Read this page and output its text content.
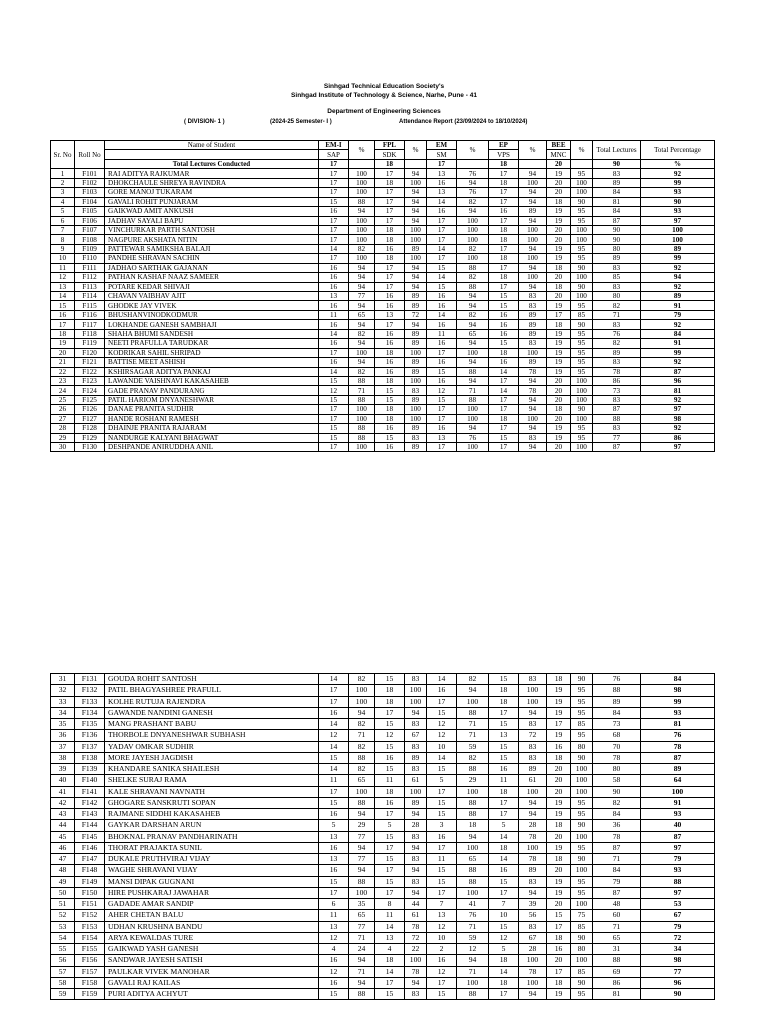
Sinhgad Technical Education Society's
Sinhgad Institute of Technology & Science, Narhe, Pune - 41
Department of Engineering Sciences
( DIVISION- 1 )	(2024-25 Semester- I )	Attendance Report (23/09/2024 to 18/10/2024)
Sr. No	Roll No	Name of Student	EM-I	%	FPL	%	EM	%	EP	%	BEE	%	Total Lectures	Total Percentage
			SAP		SDK		SM		VPS		MNC			
		Total Lectures Conducted	17		18		17		18		20		90	%
1	F101	RAI ADITYA RAJKUMAR	17	100	17	94	13	76	17	94	19	95	83	92
2	F102	DHOKCHAULE SHREYA RAVINDRA	17	100	18	100	16	94	18	100	20	100	89	99
3	F103	GORE MANOJ TUKARAM	17	100	17	94	13	76	17	94	20	100	84	93
4	F104	GAVALI ROHIT PUNJARAM	15	88	17	94	14	82	17	94	18	90	81	90
5	F105	GAIKWAD AMIT ANKUSH	16	94	17	94	16	94	16	89	19	95	84	93
6	F106	JADHAV SAYALI BAPU	17	100	17	94	17	100	17	94	19	95	87	97
7	F107	VINCHURKAR PARTH SANTOSH	17	100	18	100	17	100	18	100	20	100	90	100
8	F108	NAGPURE AKSHATA NITIN	17	100	18	100	17	100	18	100	20	100	90	100
9	F109	PATTEWAR SAMIKSHA BALAJI	14	82	16	89	14	82	17	94	19	95	80	89
10	F110	PANDHE SHRAVAN SACHIN	17	100	18	100	17	100	18	100	19	95	89	99
11	F111	JADHAO SARTHAK GAJANAN	16	94	17	94	15	88	17	94	18	90	83	92
12	F112	PATHAN KASHAF NAAZ SAMEER	16	94	17	94	14	82	18	100	20	100	85	94
13	F113	POTARE KEDAR SHIVAJI	16	94	17	94	15	88	17	94	18	90	83	92
14	F114	CHAVAN VAIBHAV AJIT	13	77	16	89	16	94	15	83	20	100	80	89
15	F115	GHODKE JAY VIVEK	16	94	16	89	16	94	15	83	19	95	82	91
16	F116	BHUSHANVINODKODMUR	11	65	13	72	14	82	16	89	17	85	71	79
17	F117	LOKHANDE GANESH SAMBHAJI	16	94	17	94	16	94	16	89	18	90	83	92
18	F118	SHAHA BHUMI SANDESH	14	82	16	89	11	65	16	89	19	95	76	84
19	F119	NEETI PRAFULLA TARUDKAR	16	94	16	89	16	94	15	83	19	95	82	91
20	F120	KODRIKAR SAHIL SHRIPAD	17	100	18	100	17	100	18	100	19	95	89	99
21	F121	BATTISE MEET ASHISH	16	94	16	89	16	94	16	89	19	95	83	92
22	F122	KSHIRSAGAR ADITYA PANKAJ	14	82	16	89	15	88	14	78	19	95	78	87
23	F123	LAWANDE VAISHNAVI KAKASAHEB	15	88	18	100	16	94	17	94	20	100	86	96
24	F124	GADE PRANAV PANDURANG	12	71	15	83	12	71	14	78	20	100	73	81
25	F125	PATIL HARIOM DNYANESHWAR	15	88	15	89	15	88	17	94	20	100	83	92
26	F126	DANAE PRANITA SUDHIR	17	100	18	100	17	100	17	94	18	90	87	97
27	F127	HANDE ROSHANI RAMESH	17	100	18	100	17	100	18	100	20	100	88	98
28	F128	DHAINJE PRANITA RAJARAM	15	88	16	89	16	94	17	94	19	95	83	92
29	F129	NANDURGE KALYANI BHAGWAT	15	88	15	83	13	76	15	83	19	95	77	86
30	F130	DESHPANDE ANIRUDDHA ANIL	17	100	16	89	17	100	17	94	20	100	87	97
31	F131	GOUDA ROHIT SANTOSH	14	82	15	83	14	82	15	83	18	90	76	84
32	F132	PATIL BHAGYASHREE PRAFULL	17	100	18	100	16	94	18	100	19	95	88	98
33	F133	KOLHE RUTUJA RAJENDRA	17	100	18	100	17	100	18	100	19	95	89	99
34	F134	GAWANDE NANDINI GANESH	16	94	17	94	15	88	17	94	19	95	84	93
35	F135	MANG PRASHANT BABU	14	82	15	83	12	71	15	83	17	85	73	81
36	F136	THORBOLE DNYANESHWAR SUBHASH	12	71	12	67	12	71	13	72	19	95	68	76
37	F137	YADAV OMKAR SUDHIR	14	82	15	83	10	59	15	83	16	80	70	78
38	F138	MORE JAYESH JAGDISH	15	88	16	89	14	82	15	83	18	90	78	87
39	F139	KHANDARE SANIKA SHAILESH	14	82	15	83	15	88	16	89	20	100	80	89
40	F140	SHELKE SURAJ RAMA	11	65	11	61	5	29	11	61	20	100	58	64
41	F141	KALE SHRAVANI NAVNATH	17	100	18	100	17	100	18	100	20	100	90	100
42	F142	GHOGARE SANSKRUTI SOPAN	15	88	16	89	15	88	17	94	19	95	82	91
43	F143	RAJMANE SIDDHI KAKASAHEB	16	94	17	94	15	88	17	94	19	95	84	93
44	F144	GAYKAR DARSHAN ARUN	5	29	5	28	3	18	5	28	18	90	36	40
45	F145	BHOKNAL PRANAV PANDHARINATH	13	77	15	83	16	94	14	78	20	100	78	87
46	F146	THORAT PRAJAKTA SUNIL	16	94	17	94	17	100	18	100	19	95	87	97
47	F147	DUKALE PRUTHVIRAJ VIJAY	13	77	15	83	11	65	14	78	18	90	71	79
48	F148	WAGHE SHRAVANI VIJAY	16	94	17	94	15	88	16	89	20	100	84	93
49	F149	MANSI DIPAK GUGNANI	15	88	15	83	15	88	15	83	19	95	79	88
50	F150	HIRE PUSHKARAJ JAWAHAR	17	100	17	94	17	100	17	94	19	95	87	97
51	F151	GADADE AMAR SANDIP	6	35	8	44	7	41	7	39	20	100	48	53
52	F152	AHER CHETAN BALU	11	65	11	61	13	76	10	56	15	75	60	67
53	F153	UDHAN KRUSHNA BANDU	13	77	14	78	12	71	15	83	17	85	71	79
54	F154	ARYA KEWALDAS TURE	12	71	13	72	10	59	12	67	18	90	65	72
55	F155	GAIKWAD YASH GANESH	4	24	4	22	2	12	5	28	16	80	31	34
56	F156	SANDWAR JAYESH SATISH	16	94	18	100	16	94	18	100	20	100	88	98
57	F157	PAULKAR VIVEK MANOHAR	12	71	14	78	12	71	14	78	17	85	69	77
58	F158	GAVALI RAJ KAILAS	16	94	17	94	17	100	18	100	18	90	86	96
59	F159	PURI ADITYA ACHYUT	15	88	15	83	15	88	17	94	19	95	81	90
